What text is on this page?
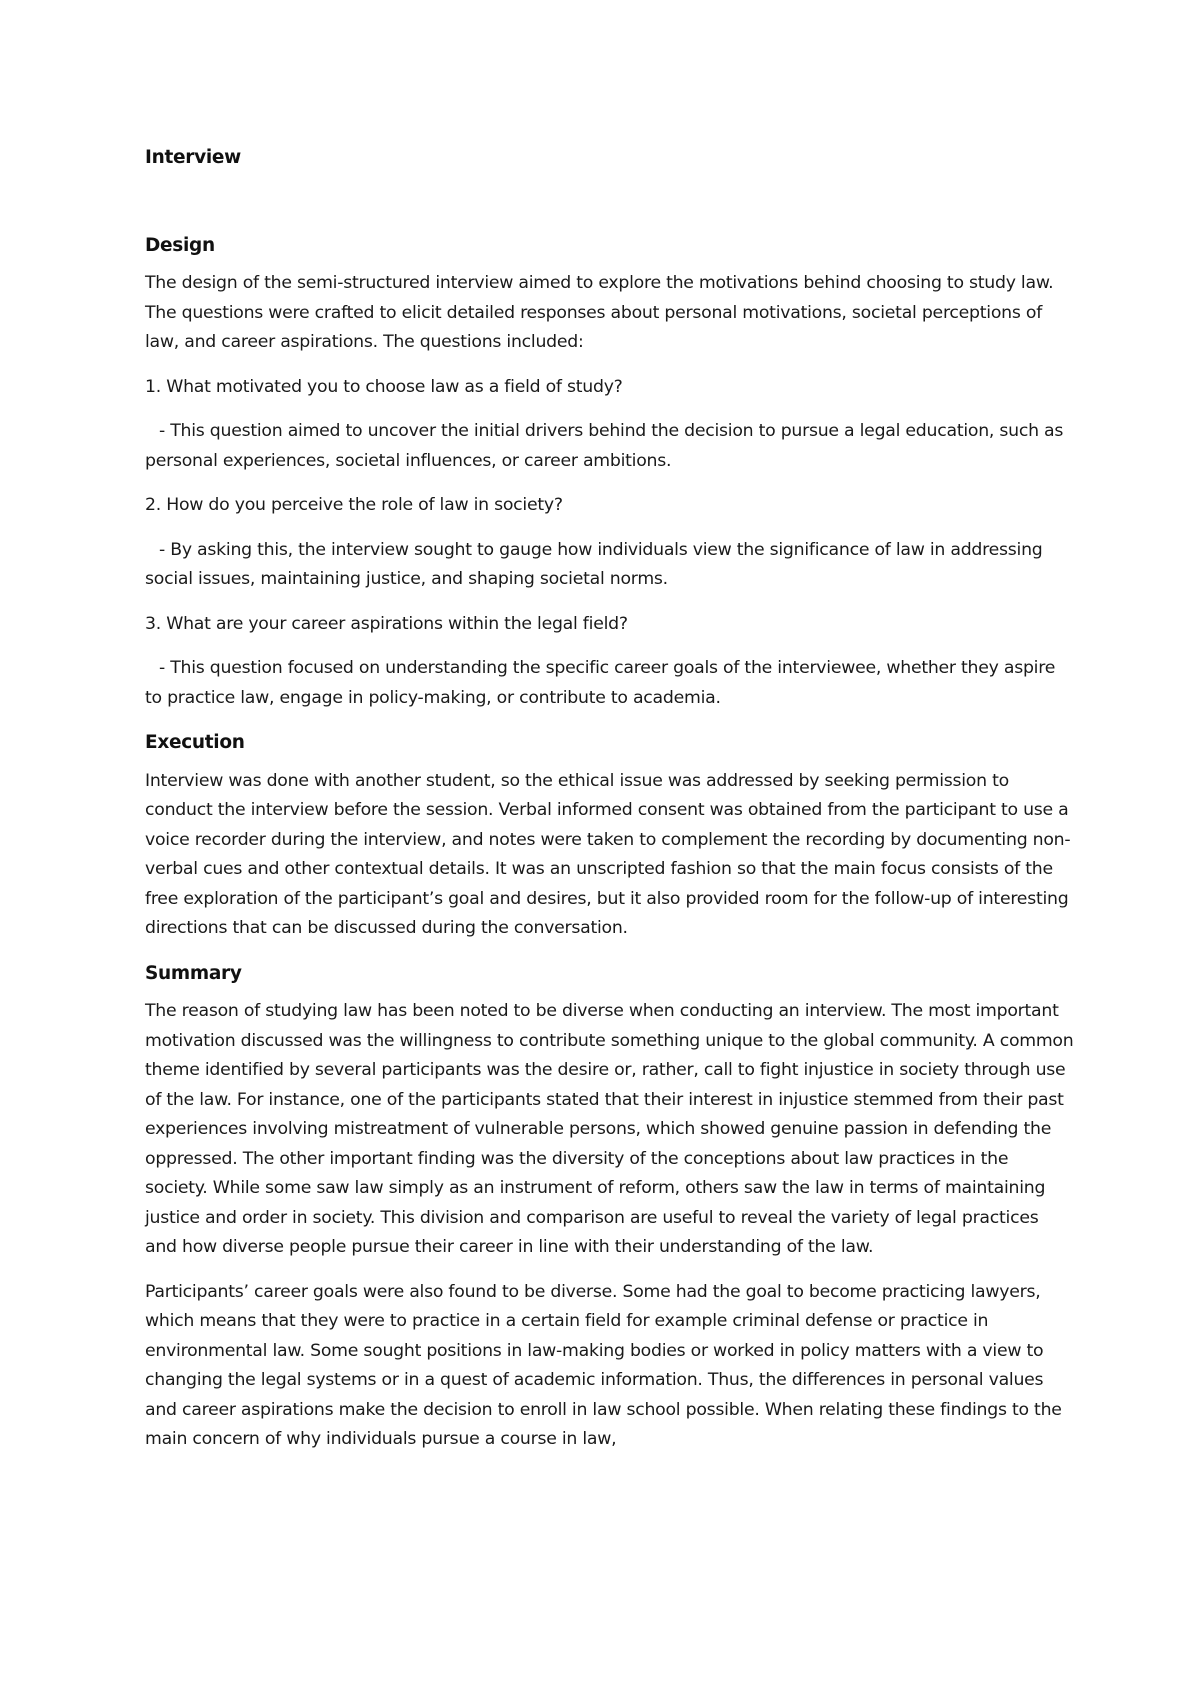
Interview
Design

The design of the semi-structured interview aimed to explore the motivations behind choosing to study law. The questions were crafted to elicit detailed responses about personal motivations, societal perceptions of law, and career aspirations. The questions included:

1. What motivated you to choose law as a field of study?

- This question aimed to uncover the initial drivers behind the decision to pursue a legal education, such as personal experiences, societal influences, or career ambitions.

2. How do you perceive the role of law in society?

- By asking this, the interview sought to gauge how individuals view the significance of law in addressing social issues, maintaining justice, and shaping societal norms.

3. What are your career aspirations within the legal field?

- This question focused on understanding the specific career goals of the interviewee, whether they aspire to practice law, engage in policy-making, or contribute to academia.

Execution

Interview was done with another student, so the ethical issue was addressed by seeking permission to conduct the interview before the session. Verbal informed consent was obtained from the participant to use a voice recorder during the interview, and notes were taken to complement the recording by documenting non-verbal cues and other contextual details. It was an unscripted fashion so that the main focus consists of the free exploration of the participant’s goal and desires, but it also provided room for the follow-up of interesting directions that can be discussed during the conversation.

Summary

The reason of studying law has been noted to be diverse when conducting an interview. The most important motivation discussed was the willingness to contribute something unique to the global community. A common theme identified by several participants was the desire or, rather, call to fight injustice in society through use of the law. For instance, one of the participants stated that their interest in injustice stemmed from their past experiences involving mistreatment of vulnerable persons, which showed genuine passion in defending the oppressed. The other important finding was the diversity of the conceptions about law practices in the society. While some saw law simply as an instrument of reform, others saw the law in terms of maintaining justice and order in society. This division and comparison are useful to reveal the variety of legal practices and how diverse people pursue their career in line with their understanding of the law.

Participants’ career goals were also found to be diverse. Some had the goal to become practicing lawyers, which means that they were to practice in a certain field for example criminal defense or practice in environmental law. Some sought positions in law-making bodies or worked in policy matters with a view to changing the legal systems or in a quest of academic information. Thus, the differences in personal values and career aspirations make the decision to enroll in law school possible. When relating these findings to the main concern of why individuals pursue a course in law,
